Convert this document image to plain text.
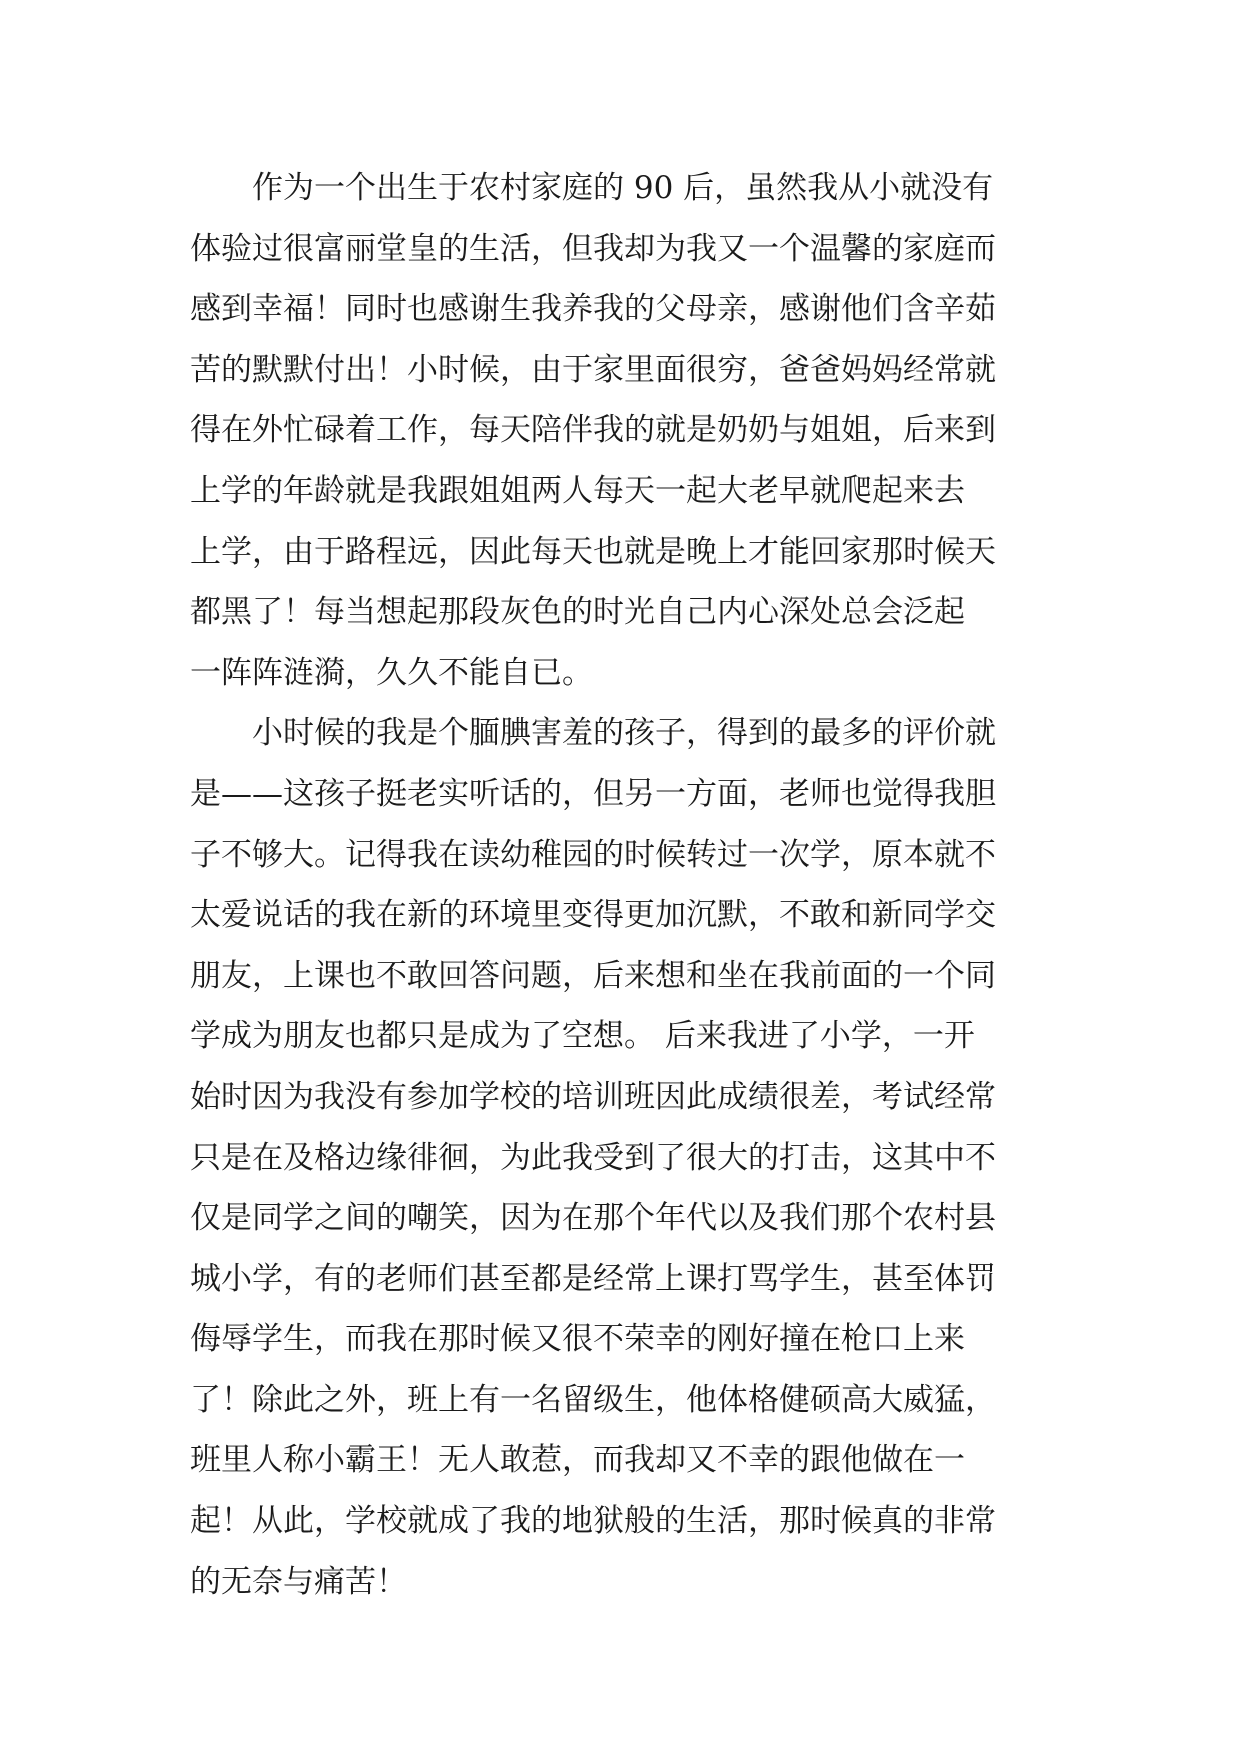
作为一个出生于农村家庭的 90 后，虽然我从小就没有
体验过很富丽堂皇的生活，但我却为我又一个温馨的家庭而
感到幸福！同时也感谢生我养我的父母亲，感谢他们含辛茹
苦的默默付出！小时候，由于家里面很穷，爸爸妈妈经常就
得在外忙碌着工作，每天陪伴我的就是奶奶与姐姐，后来到
上学的年龄就是我跟姐姐两人每天一起大老早就爬起来去
上学，由于路程远，因此每天也就是晚上才能回家那时候天
都黑了！每当想起那段灰色的时光自己内心深处总会泛起
一阵阵涟漪，久久不能自已。
小时候的我是个腼腆害羞的孩子，得到的最多的评价就
是——这孩子挺老实听话的，但另一方面，老师也觉得我胆
子不够大。记得我在读幼稚园的时候转过一次学，原本就不
太爱说话的我在新的环境里变得更加沉默，不敢和新同学交
朋友，上课也不敢回答问题，后来想和坐在我前面的一个同
学成为朋友也都只是成为了空想。 后来我进了小学，一开
始时因为我没有参加学校的培训班因此成绩很差，考试经常
只是在及格边缘徘徊，为此我受到了很大的打击，这其中不
仅是同学之间的嘲笑，因为在那个年代以及我们那个农村县
城小学，有的老师们甚至都是经常上课打骂学生，甚至体罚
侮辱学生，而我在那时候又很不荣幸的刚好撞在枪口上来
了！除此之外，班上有一名留级生，他体格健硕高大威猛，
班里人称小霸王！无人敢惹，而我却又不幸的跟他做在一
起！从此，学校就成了我的地狱般的生活，那时候真的非常
的无奈与痛苦！
